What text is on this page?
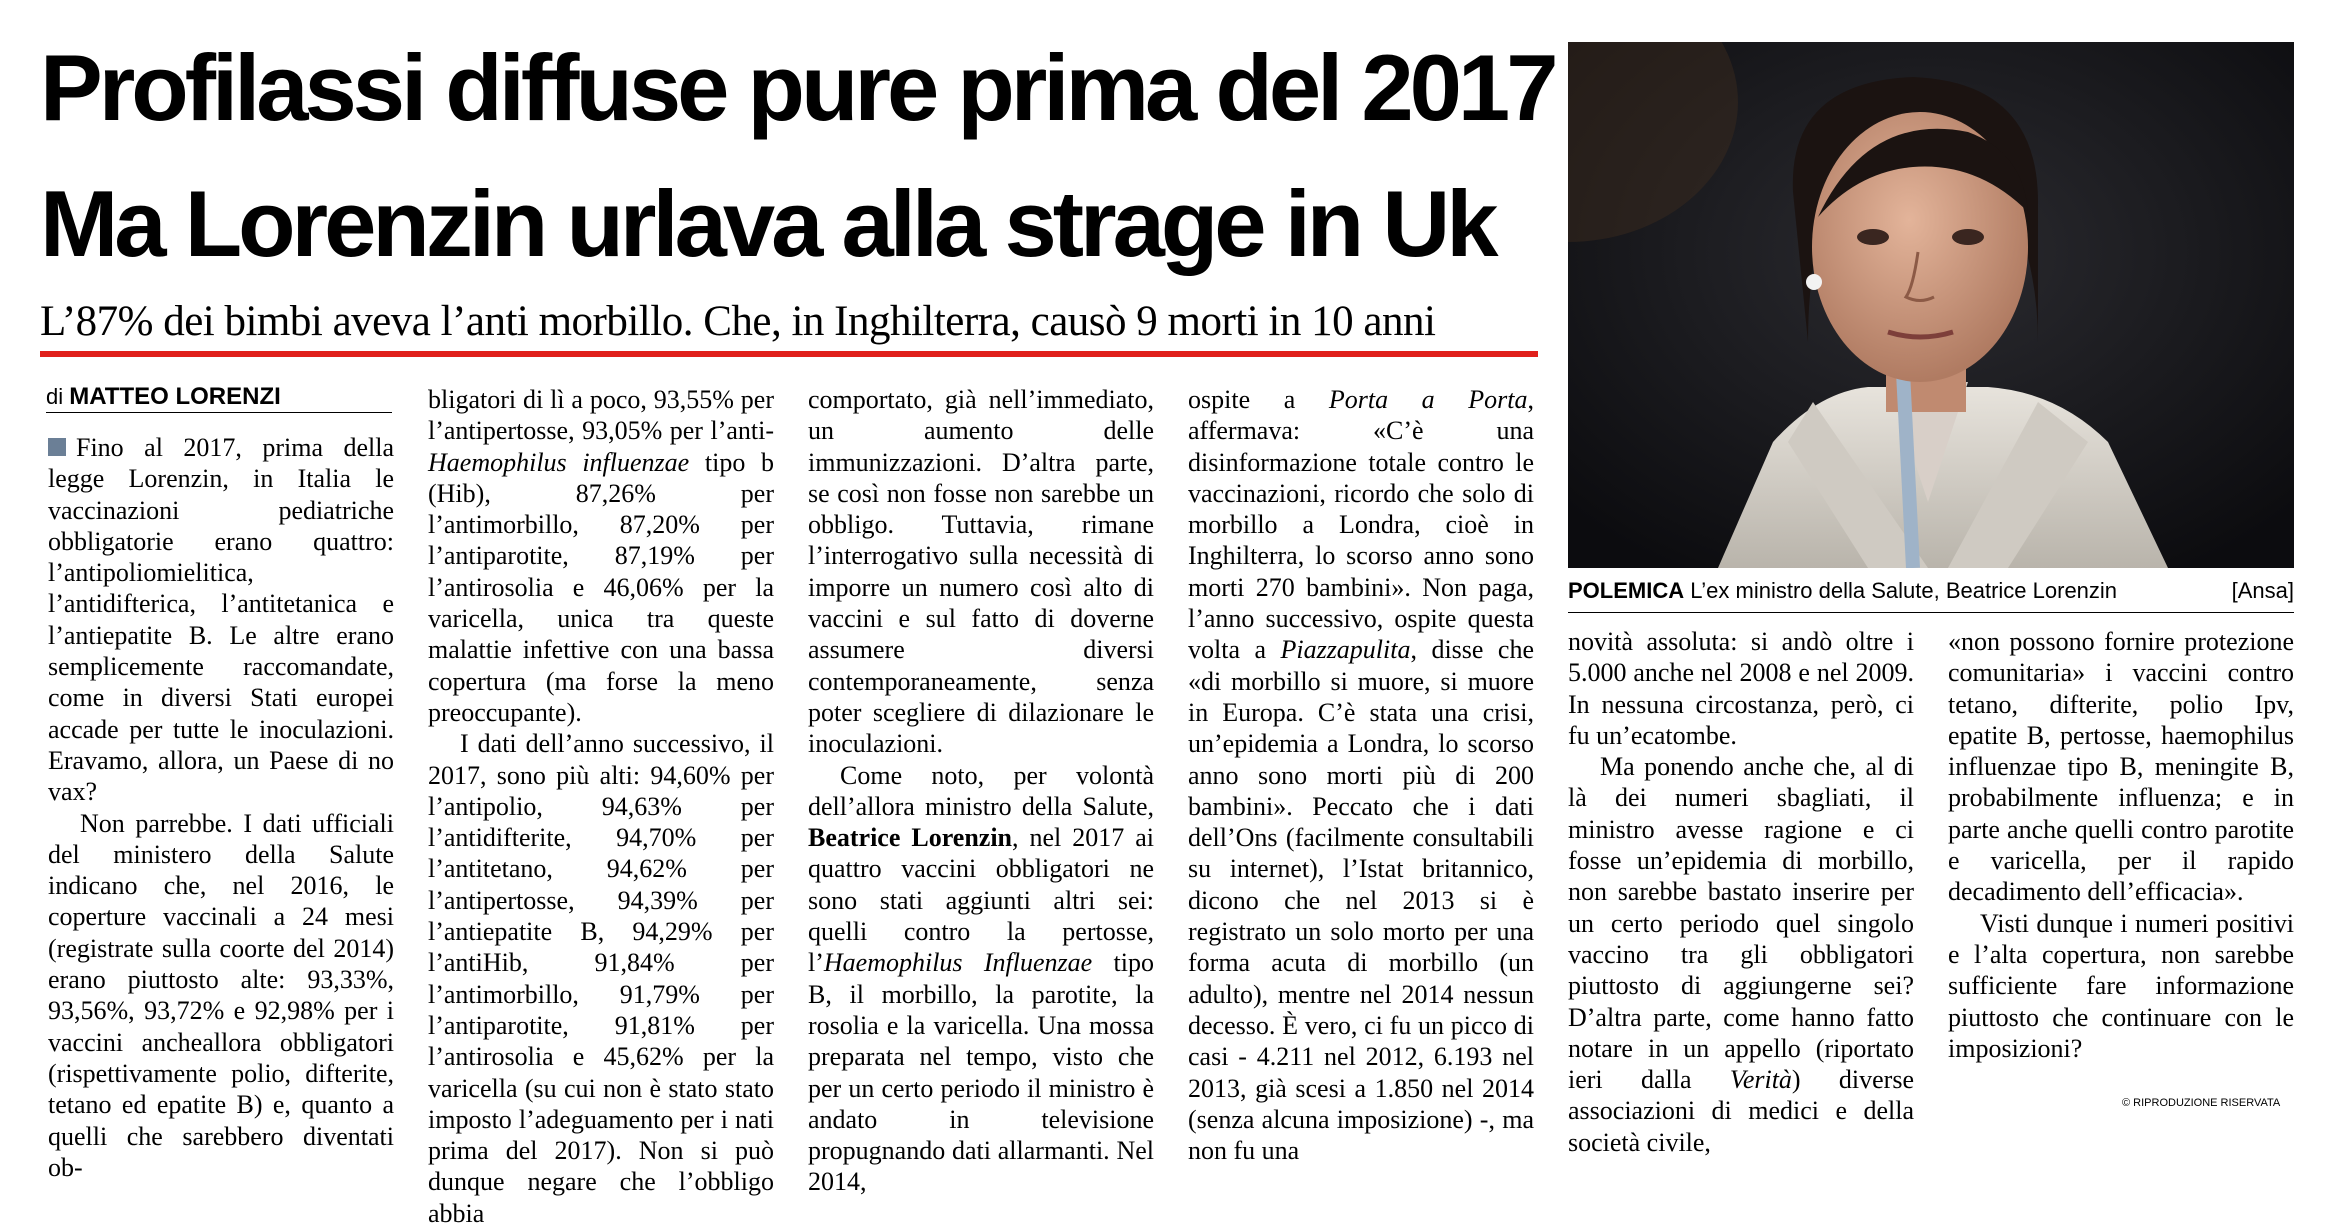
Profilassi diffuse pure prima del 2017
Ma Lorenzin urlava alla strage in Uk
L’87% dei bimbi aveva l’anti morbillo. Che, in Inghilterra, causò 9 morti in 10 anni
di MATTEO LORENZI

Fino al 2017, prima della legge Lorenzin, in Italia le vaccinazioni pediatriche obbligatorie erano quattro: l’antipoliomielitica, l’antidifterica, l’antitetanica e l’antiepatite B. Le altre erano semplicemente raccomandate, come in diversi Stati europei accade per tutte le inoculazioni. Eravamo, allora, un Paese di no vax?

Non parrebbe. I dati ufficiali del ministero della Salute indicano che, nel 2016, le coperture vaccinali a 24 mesi (registrate sulla coorte del 2014) erano piuttosto alte: 93,33%, 93,56%, 93,72% e 92,98% per i vaccini ancheallora obbligatori (rispettivamente polio, difterite, tetano ed epatite B) e, quanto a quelli che sarebbero diventati ob-

bligatori di lì a poco, 93,55% per l’antipertosse, 93,05% per l’anti-Haemophilus influenzae tipo b (Hib), 87,26% per l’antimorbillo, 87,20% per l’antiparotite, 87,19% per l’antirosolia e 46,06% per la varicella, unica tra queste malattie infettive con una bassa copertura (ma forse la meno preoccupante).

I dati dell’anno successivo, il 2017, sono più alti: 94,60% per l’antipolio, 94,63% per l’antidifterite, 94,70% per l’antitetano, 94,62% per l’antipertosse, 94,39% per l’antiepatite B, 94,29% per l’antiHib, 91,84% per l’antimorbillo, 91,79% per l’antiparotite, 91,81% per l’antirosolia e 45,62% per la varicella (su cui non è stato stato imposto l’adeguamento per i nati prima del 2017). Non si può dunque negare che l’obbligo abbia

comportato, già nell’immediato, un aumento delle immunizzazioni. D’altra parte, se così non fosse non sarebbe un obbligo. Tuttavia, rimane l’interrogativo sulla necessità di imporre un numero così alto di vaccini e sul fatto di doverne assumere diversi contemporaneamente, senza poter scegliere di dilazionare le inoculazioni.

Come noto, per volontà dell’allora ministro della Salute, Beatrice Lorenzin, nel 2017 ai quattro vaccini obbligatori ne sono stati aggiunti altri sei: quelli contro la pertosse, l’Haemophilus Influenzae tipo B, il morbillo, la parotite, la rosolia e la varicella. Una mossa preparata nel tempo, visto che per un certo periodo il ministro è andato in televisione propugnando dati allarmanti. Nel 2014,

ospite a Porta a Porta, affermava: «C’è una disinformazione totale contro le vaccinazioni, ricordo che solo di morbillo a Londra, cioè in Inghilterra, lo scorso anno sono morti 270 bambini». Non paga, l’anno successivo, ospite questa volta a Piazzapulita, disse che «di morbillo si muore, si muore in Europa. C’è stata una crisi, un’epidemia a Londra, lo scorso anno sono morti più di 200 bambini». Peccato che i dati dell’Ons (facilmente consultabili su internet), l’Istat britannico, dicono che nel 2013 si è registrato un solo morto per una forma acuta di morbillo (un adulto), mentre nel 2014 nessun decesso. È vero, ci fu un picco di casi - 4.211 nel 2012, 6.193 nel 2013, già scesi a 1.850 nel 2014 (senza alcuna imposizione) -, ma non fu una

POLEMICA L’ex ministro della Salute, Beatrice Lorenzin	[Ansa]

novità assoluta: si andò oltre i 5.000 anche nel 2008 e nel 2009. In nessuna circostanza, però, ci fu un’ecatombe.

Ma ponendo anche che, al di là dei numeri sbagliati, il ministro avesse ragione e ci fosse un’epidemia di morbillo, non sarebbe bastato inserire per un certo periodo quel singolo vaccino tra gli obbligatori piuttosto di aggiungerne sei? D’altra parte, come hanno fatto notare in un appello (riportato ieri dalla Verità) diverse associazioni di medici e della società civile,

«non possono fornire protezione comunitaria» i vaccini contro tetano, difterite, polio Ipv, epatite B, pertosse, haemophilus influenzae tipo B, meningite B, probabilmente influenza; e in parte anche quelli contro parotite e varicella, per il rapido decadimento dell’efficacia».

Visti dunque i numeri positivi e l’alta copertura, non sarebbe sufficiente fare informazione piuttosto che continuare con le imposizioni?

© RIPRODUZIONE RISERVATA
